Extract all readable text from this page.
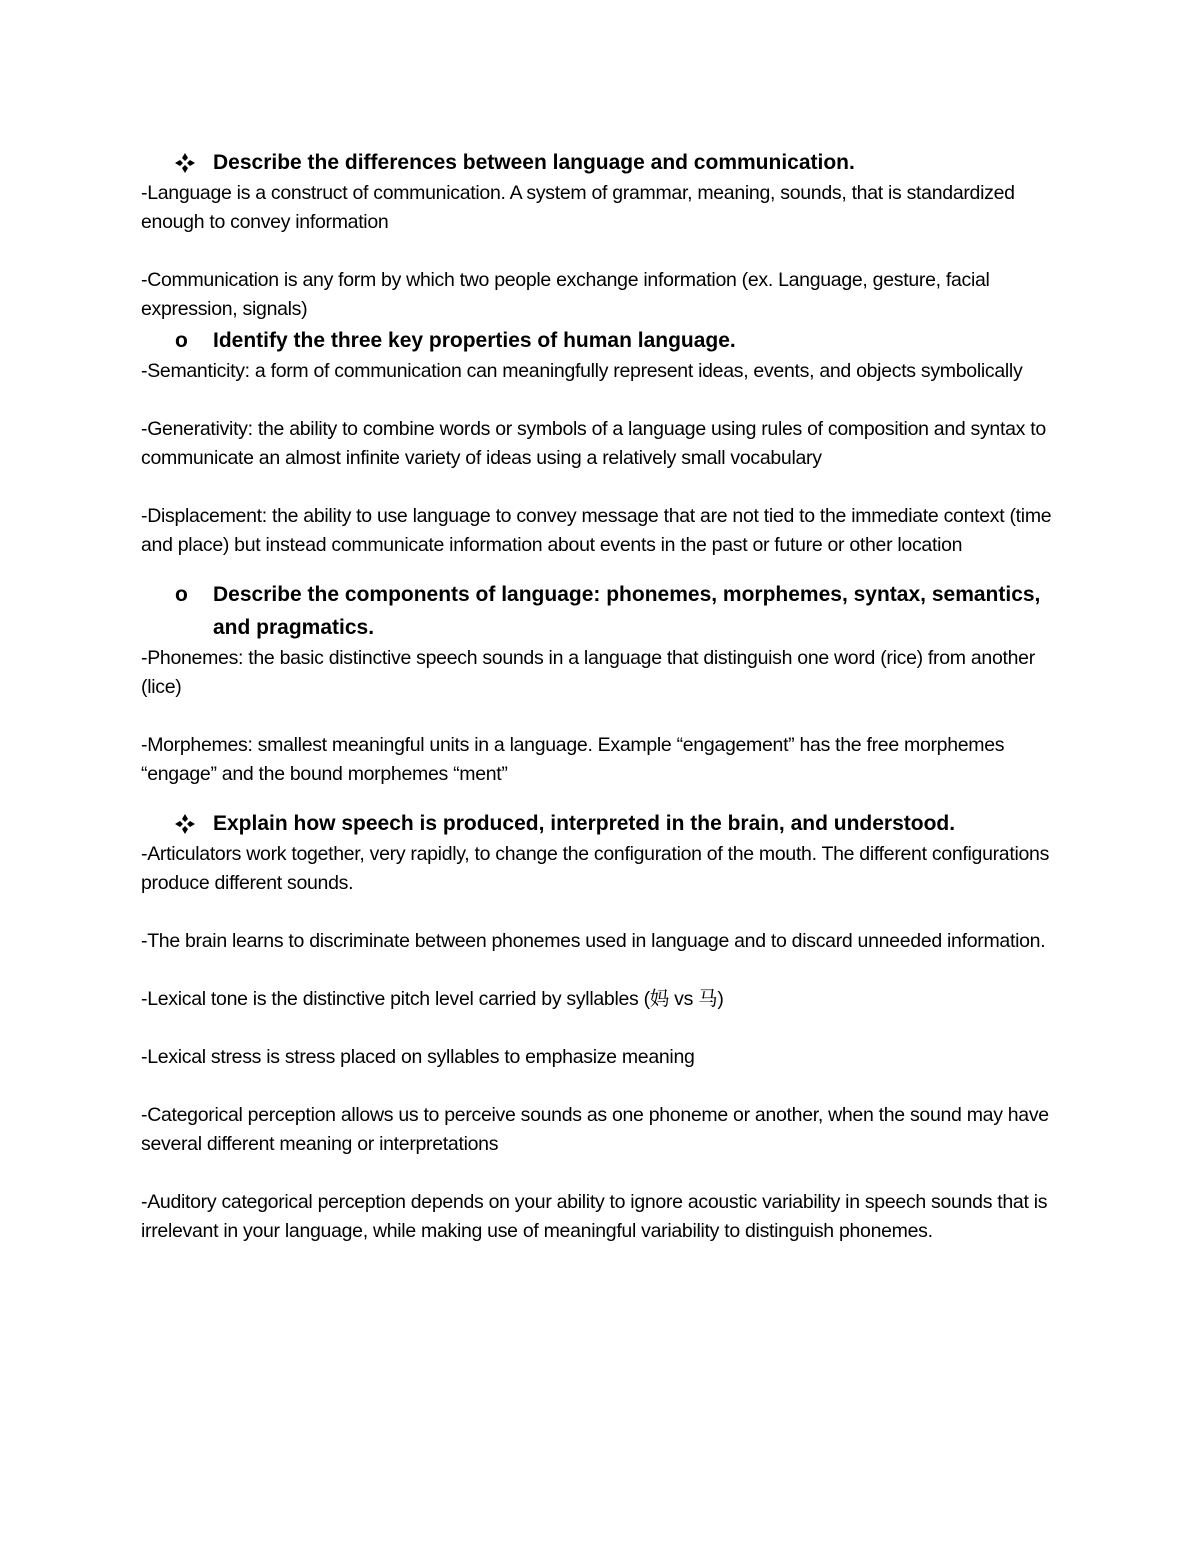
Describe the differences between language and communication.

-Language is a construct of communication. A system of grammar, meaning, sounds, that is standardized enough to convey information

-Communication is any form by which two people exchange information (ex. Language, gesture, facial expression, signals)

o Identify the three key properties of human language.

-Semanticity: a form of communication can meaningfully represent ideas, events, and objects symbolically

-Generativity: the ability to combine words or symbols of a language using rules of composition and syntax to communicate an almost infinite variety of ideas using a relatively small vocabulary

-Displacement: the ability to use language to convey message that are not tied to the immediate context (time and place) but instead communicate information about events in the past or future or other location

o Describe the components of language: phonemes, morphemes, syntax, semantics, and pragmatics.

-Phonemes: the basic distinctive speech sounds in a language that distinguish one word (rice) from another (lice)

-Morphemes: smallest meaningful units in a language. Example “engagement” has the free morphemes “engage” and the bound morphemes “ment”

Explain how speech is produced, interpreted in the brain, and understood.

-Articulators work together, very rapidly, to change the configuration of the mouth. The different configurations produce different sounds.

-The brain learns to discriminate between phonemes used in language and to discard unneeded information.

-Lexical tone is the distinctive pitch level carried by syllables (妈 vs 马)

-Lexical stress is stress placed on syllables to emphasize meaning

-Categorical perception allows us to perceive sounds as one phoneme or another, when the sound may have several different meaning or interpretations

-Auditory categorical perception depends on your ability to ignore acoustic variability in speech sounds that is irrelevant in your language, while making use of meaningful variability to distinguish phonemes.
